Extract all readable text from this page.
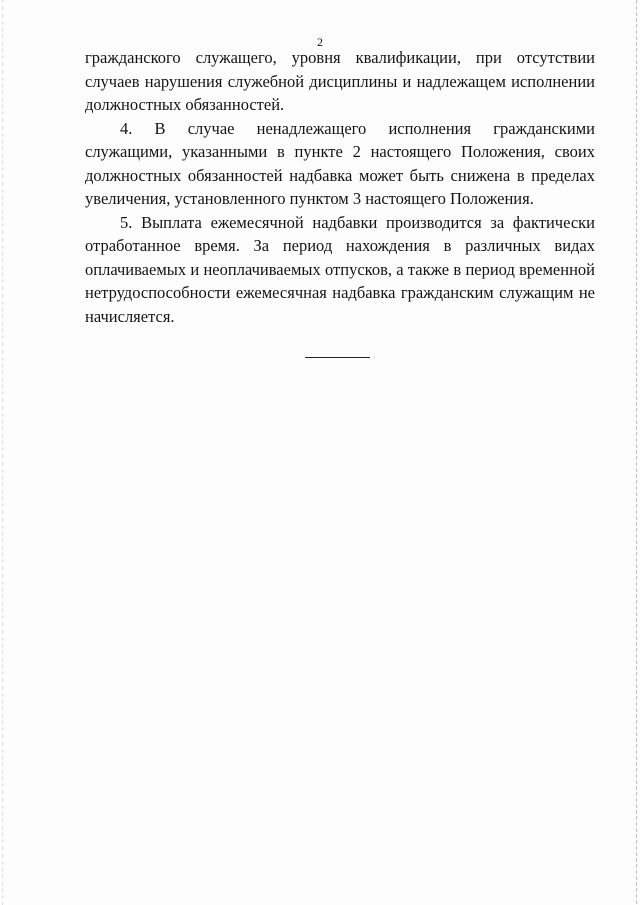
2

гражданского служащего, уровня квалификации, при отсутствии случаев нарушения служебной дисциплины и надлежащем исполнении должностных обязанностей.

4. В случае ненадлежащего исполнения гражданскими служащими, указанными в пункте 2 настоящего Положения, своих должностных обязанностей надбавка может быть снижена в пределах увеличения, установленного пунктом 3 настоящего Положения.

5. Выплата ежемесячной надбавки производится за фактически отработанное время. За период нахождения в различных видах оплачиваемых и неоплачиваемых отпусков, а также в период временной нетрудоспособности ежемесячная надбавка гражданским служащим не начисляется.
